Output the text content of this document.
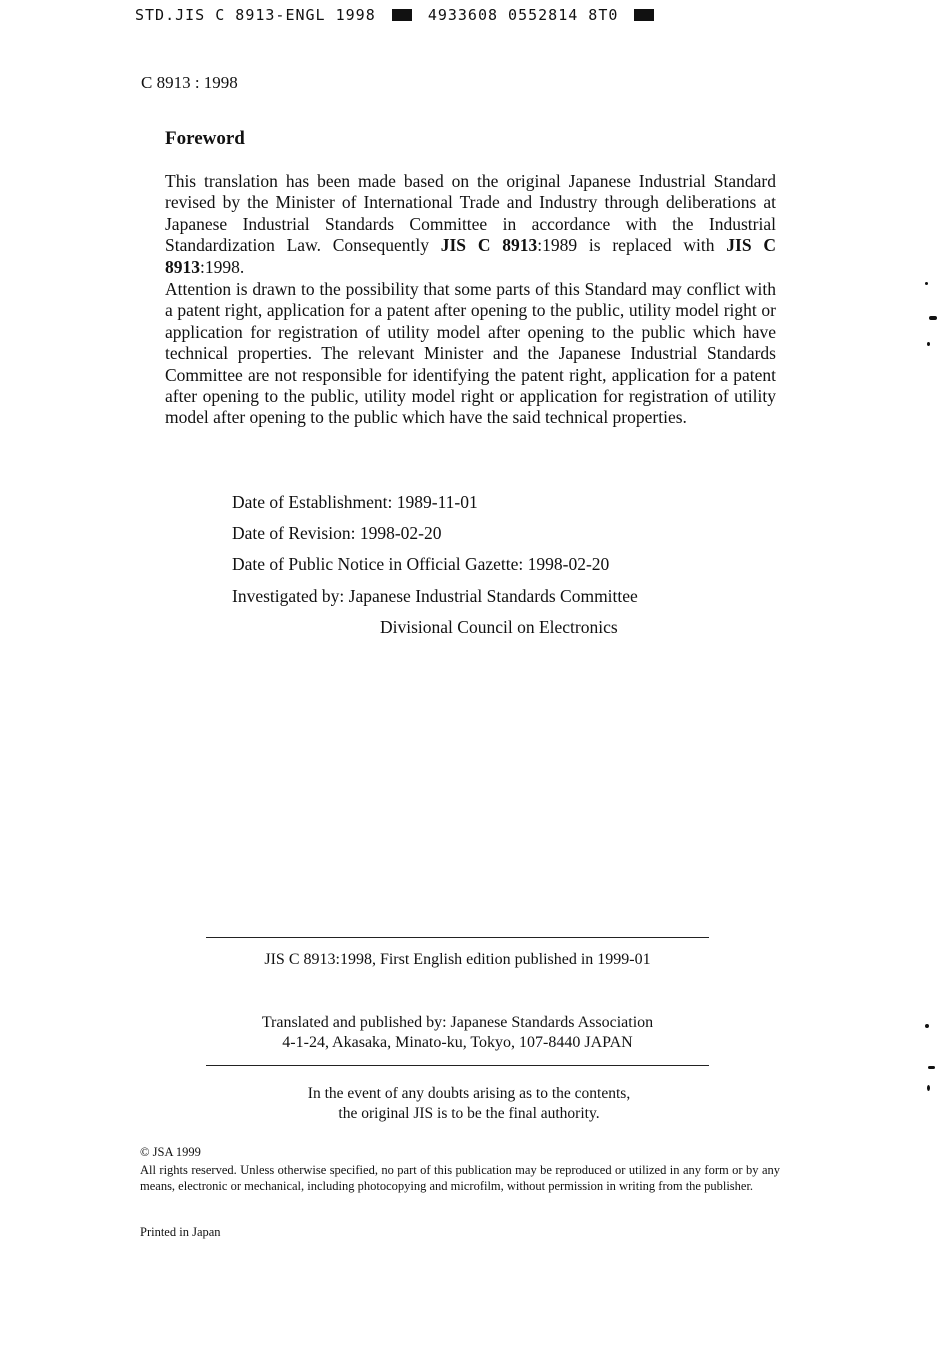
STD.JIS C 8913-ENGL 1998	4933608 0552814 8T0
C 8913 : 1998
Foreword
This translation has been made based on the original Japanese Industrial Standard revised by the Minister of International Trade and Industry through deliberations at Japanese Industrial Standards Committee in accordance with the Industrial Standardization Law. Consequently JIS C 8913:1989 is replaced with JIS C 8913:1998.
Attention is drawn to the possibility that some parts of this Standard may conflict with a patent right, application for a patent after opening to the public, utility model right or application for registration of utility model after opening to the public which have technical properties. The relevant Minister and the Japanese Industrial Standards Committee are not responsible for identifying the patent right, application for a patent after opening to the public, utility model right or application for registration of utility model after opening to the public which have the said technical properties.
Date of Establishment: 1989-11-01
Date of Revision: 1998-02-20
Date of Public Notice in Official Gazette: 1998-02-20
Investigated by: Japanese Industrial Standards Committee
Divisional Council on Electronics
JIS C 8913:1998, First English edition published in 1999-01
Translated and published by: Japanese Standards Association
4-1-24, Akasaka, Minato-ku, Tokyo, 107-8440 JAPAN
In the event of any doubts arising as to the contents,
the original JIS is to be the final authority.
© JSA 1999
All rights reserved. Unless otherwise specified, no part of this publication may be reproduced or utilized in any form or by any means, electronic or mechanical, including photocopying and microfilm, without permission in writing from the publisher.
Printed in Japan
